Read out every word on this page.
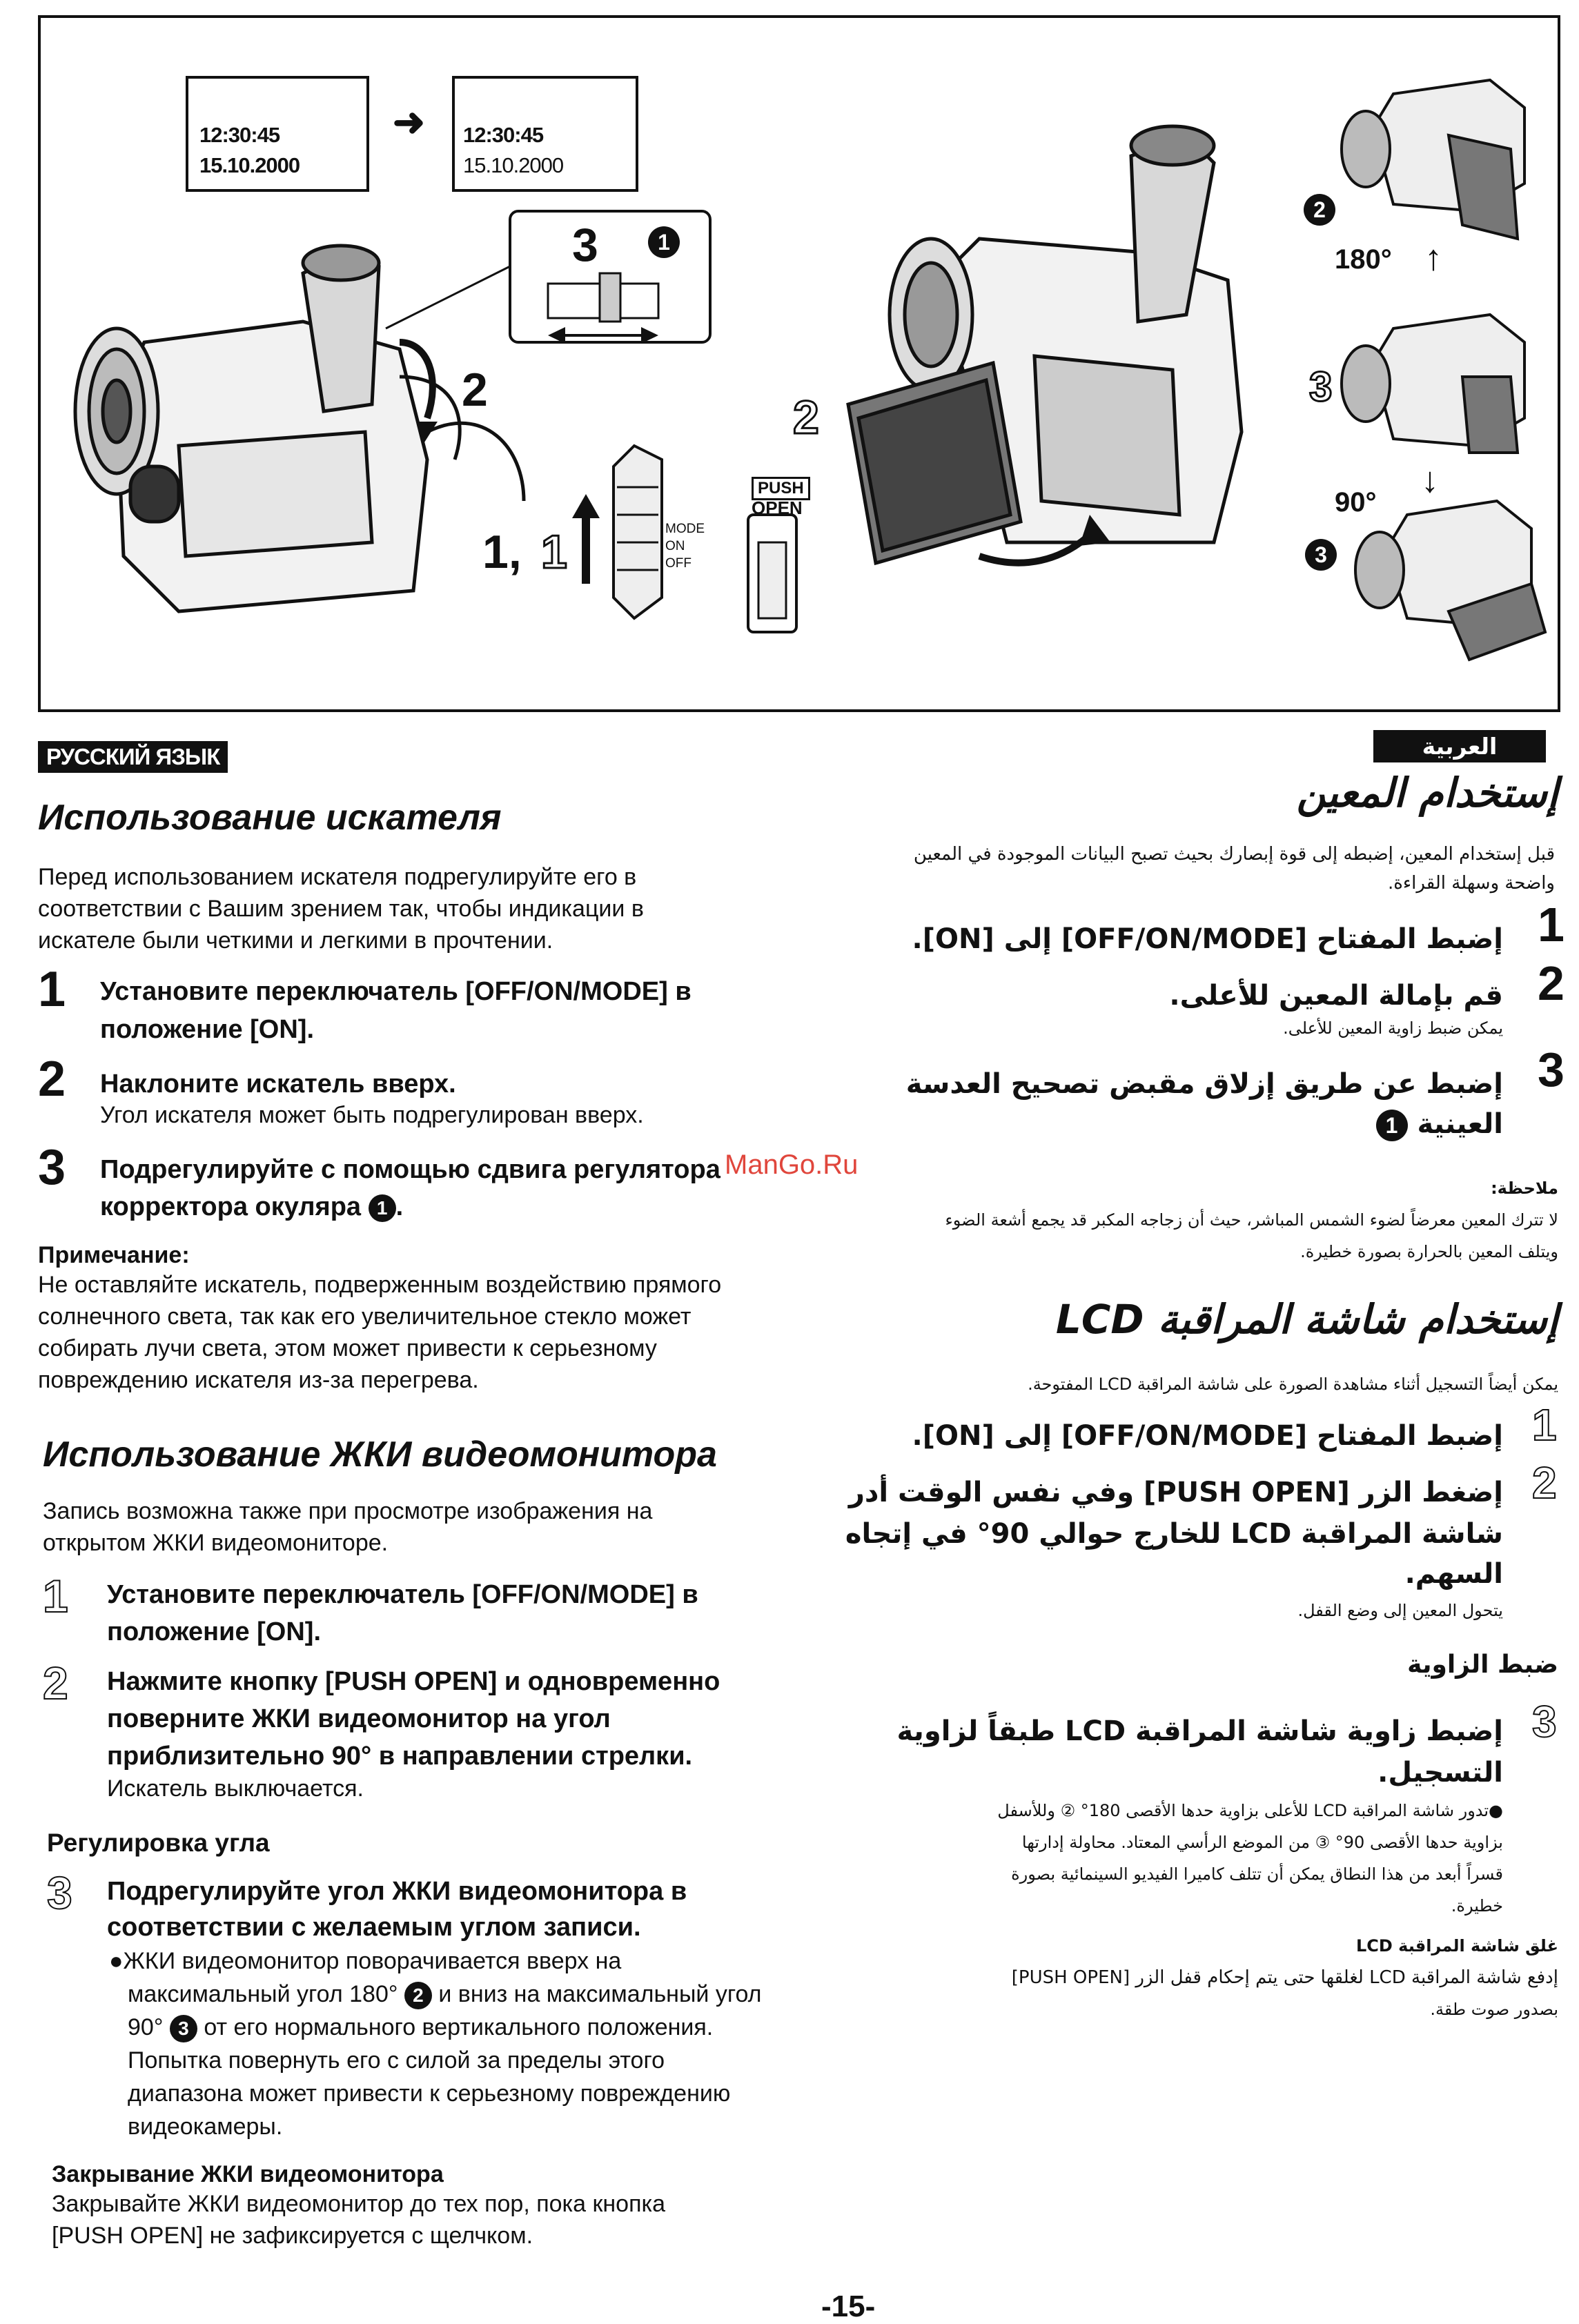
12:30:45
15.10.2000
➜ 12:30:45
15.10.2000
3	1
2
1, 1	MODE
ON
OFF
2
PUSH
OPEN
2
180° ↑
3
↓
90°
3
РУССКИЙ ЯЗЫК
Использование искателя
Перед использованием искателя подрегулируйте его в
соответствии с Вашим зрением так, чтобы индикации в
искателе были четкими и легкими в прочтении.
1 Установите переключатель [OFF/ON/MODE] в
положение [ON].
2 Наклоните искатель вверх.
Угол искателя может быть подрегулирован вверх.
3 Подрегулируйте с помощью сдвига регулятора
корректора окуляра 1 .
Примечание:
Не оставляйте искатель, подверженным воздействию прямого
солнечного света, так как его увеличительное стекло может
собирать лучи света, этом может привести к серьезному
повреждению искателя из-за перегрева.
Использование ЖКИ видеомонитора
Запись возможна также при просмотре изображения на
открытом ЖКИ видеомониторе.
1 Установите переключатель [OFF/ON/MODE] в
положение [ON].
2 Нажмите кнопку [PUSH OPEN] и одновременно
поверните ЖКИ видеомонитор на угол
приблизительно 90° в направлении стрелки.
Искатель выключается.
Регулировка угла
3 Подрегулируйте угол ЖКИ видеомонитора в
соответствии с желаемым углом записи.
●ЖКИ видеомонитор поворачивается вверх на
максимальный угол 180° 2 и вниз на максимальный угол
90° 3 от его нормального вертикального положения.
Попытка повернуть его с силой за пределы этого
диапазона может привести к серьезному повреждению
видеокамеры.
Закрывание ЖКИ видеомонитора
Закрывайте ЖКИ видеомонитор до тех пор, пока кнопка
[PUSH OPEN] не зафиксируется с щелчком.
ManGo.Ru
العربية
إستخدام المعين
قبل إستخدام المعين، إضبطه إلى قوة إبصارك بحيث تصبح البيانات الموجودة في المعين
واضحة وسهلة القراءة.
1
إضبط المفتاح [OFF/ON/MODE] إلى [ON].
2
قم بإمالة المعين للأعلى.
يمكن ضبط زاوية المعين للأعلى.
3
إضبط عن طريق إزلاق مقبض تصحيح العدسة
العينية 1
ملاحظة:
لا تترك المعين معرضاً لضوء الشمس المباشر، حيث أن زجاجه المكبر قد يجمع أشعة الضوء
ويتلف المعين بالحرارة بصورة خطيرة.
إستخدام شاشة المراقبة LCD
يمكن أيضاً التسجيل أثناء مشاهدة الصورة على شاشة المراقبة LCD المفتوحة.
1
إضبط المفتاح [OFF/ON/MODE] إلى [ON].
2
إضغط الزر [PUSH OPEN] وفي نفس الوقت أدر
شاشة المراقبة LCD للخارج حوالي 90° في إتجاه
السهم.
يتحول المعين إلى وضع القفل.
ضبط الزاوية
3
إضبط زاوية شاشة المراقبة LCD طبقاً لزاوية
التسجيل.
●تدور شاشة المراقبة LCD للأعلى بزاوية حدها الأقصى 180° ② وللأسفل
بزاوية حدها الأقصى 90° ③ من الموضع الرأسي المعتاد. محاولة إدارتها
قسراً أبعد من هذا النطاق يمكن أن تتلف كاميرا الفيديو السينمائية بصورة
خطيرة.
غلق شاشة المراقبة LCD
إدفع شاشة المراقبة LCD لغلقها حتى يتم إحكام قفل الزر [PUSH OPEN]
بصدور صوت طقة.
-15-
